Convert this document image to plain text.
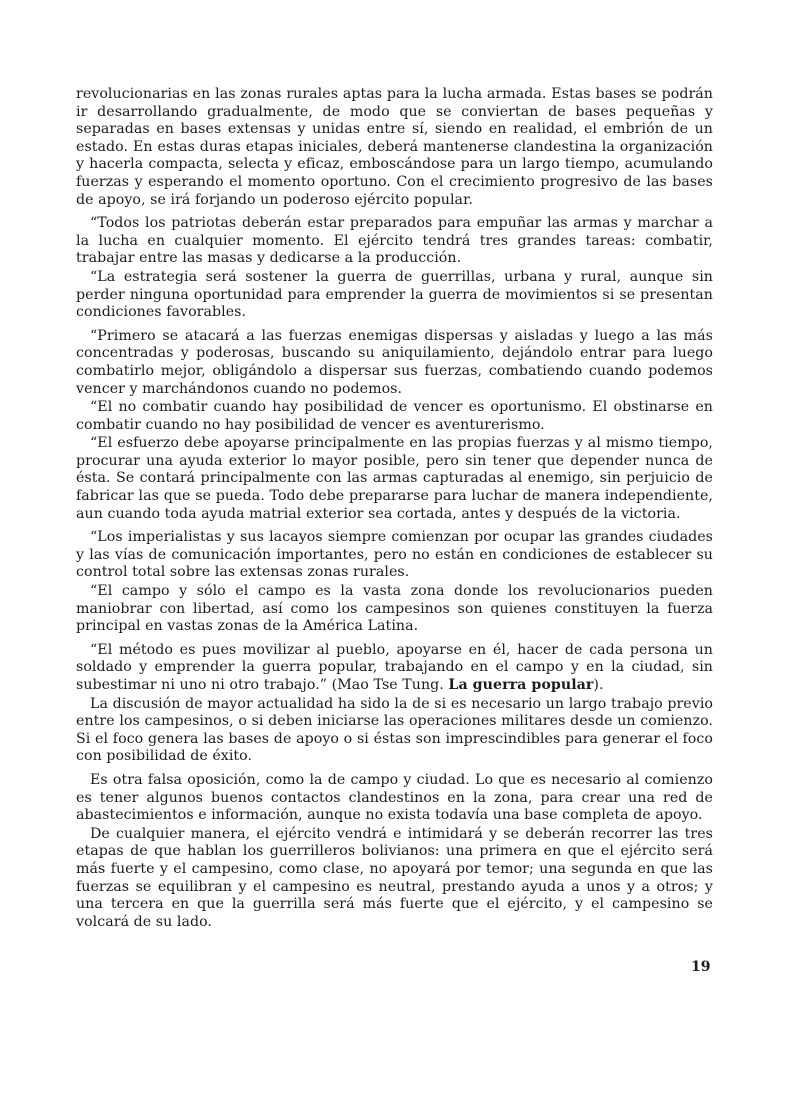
revolucionarias en las zonas rurales aptas para la lucha armada. Estas bases se podrán ir desarrollando gradualmente, de modo que se conviertan de bases pequeñas y separadas en bases extensas y unidas entre sí, siendo en realidad, el embrión de un estado. En estas duras etapas iniciales, deberá mantenerse clandestina la organización y hacerla compacta, selecta y eficaz, emboscándose para un largo tiempo, acumulando fuerzas y esperando el momento oportuno. Con el crecimiento progresivo de las bases de apoyo, se irá forjando un poderoso ejército popular.

“Todos los patriotas deberán estar preparados para empuñar las armas y marchar a la lucha en cualquier momento. El ejército tendrá tres grandes tareas: combatir, trabajar entre las masas y dedicarse a la producción.

“La estrategia será sostener la guerra de guerrillas, urbana y rural, aunque sin perder ninguna oportunidad para emprender la guerra de movimientos si se presentan condiciones favorables.

“Primero se atacará a las fuerzas enemigas dispersas y aisladas y luego a las más concentradas y poderosas, buscando su aniquilamiento, dejándolo entrar para luego combatirlo mejor, obligándolo a dispersar sus fuerzas, combatiendo cuando podemos vencer y marchándonos cuando no podemos.

“El no combatir cuando hay posibilidad de vencer es oportunismo. El obstinarse en combatir cuando no hay posibilidad de vencer es aventurerismo.

“El esfuerzo debe apoyarse principalmente en las propias fuerzas y al mismo tiempo, procurar una ayuda exterior lo mayor posible, pero sin tener que depender nunca de ésta. Se contará principalmente con las armas capturadas al enemigo, sin perjuicio de fabricar las que se pueda. Todo debe prepararse para luchar de manera independiente, aun cuando toda ayuda matrial exterior sea cortada, antes y después de la victoria.

“Los imperialistas y sus lacayos siempre comienzan por ocupar las grandes ciudades y las vías de comunicación importantes, pero no están en condiciones de establecer su control total sobre las extensas zonas rurales.

“El campo y sólo el campo es la vasta zona donde los revolucionarios pueden maniobrar con libertad, así como los campesinos son quienes constituyen la fuerza principal en vastas zonas de la América Latina.

“El método es pues movilizar al pueblo, apoyarse en él, hacer de cada persona un soldado y emprender la guerra popular, trabajando en el campo y en la ciudad, sin subestimar ni uno ni otro trabajo.” (Mao Tse Tung. La guerra popular).

La discusión de mayor actualidad ha sido la de si es necesario un largo trabajo previo entre los campesinos, o si deben iniciarse las operaciones militares desde un comienzo. Si el foco genera las bases de apoyo o si éstas son imprescindibles para generar el foco con posibilidad de éxito.

Es otra falsa oposición, como la de campo y ciudad. Lo que es necesario al comienzo es tener algunos buenos contactos clandestinos en la zona, para crear una red de abastecimientos e información, aunque no exista todavía una base completa de apoyo.

De cualquier manera, el ejército vendrá e intimidará y se deberán recorrer las tres etapas de que hablan los guerrilleros bolivianos: una primera en que el ejército será más fuerte y el campesino, como clase, no apoyará por temor; una segunda en que las fuerzas se equilibran y el campesino es neutral, prestando ayuda a unos y a otros; y una tercera en que la guerrilla será más fuerte que el ejército, y el campesino se volcará de su lado.

19
